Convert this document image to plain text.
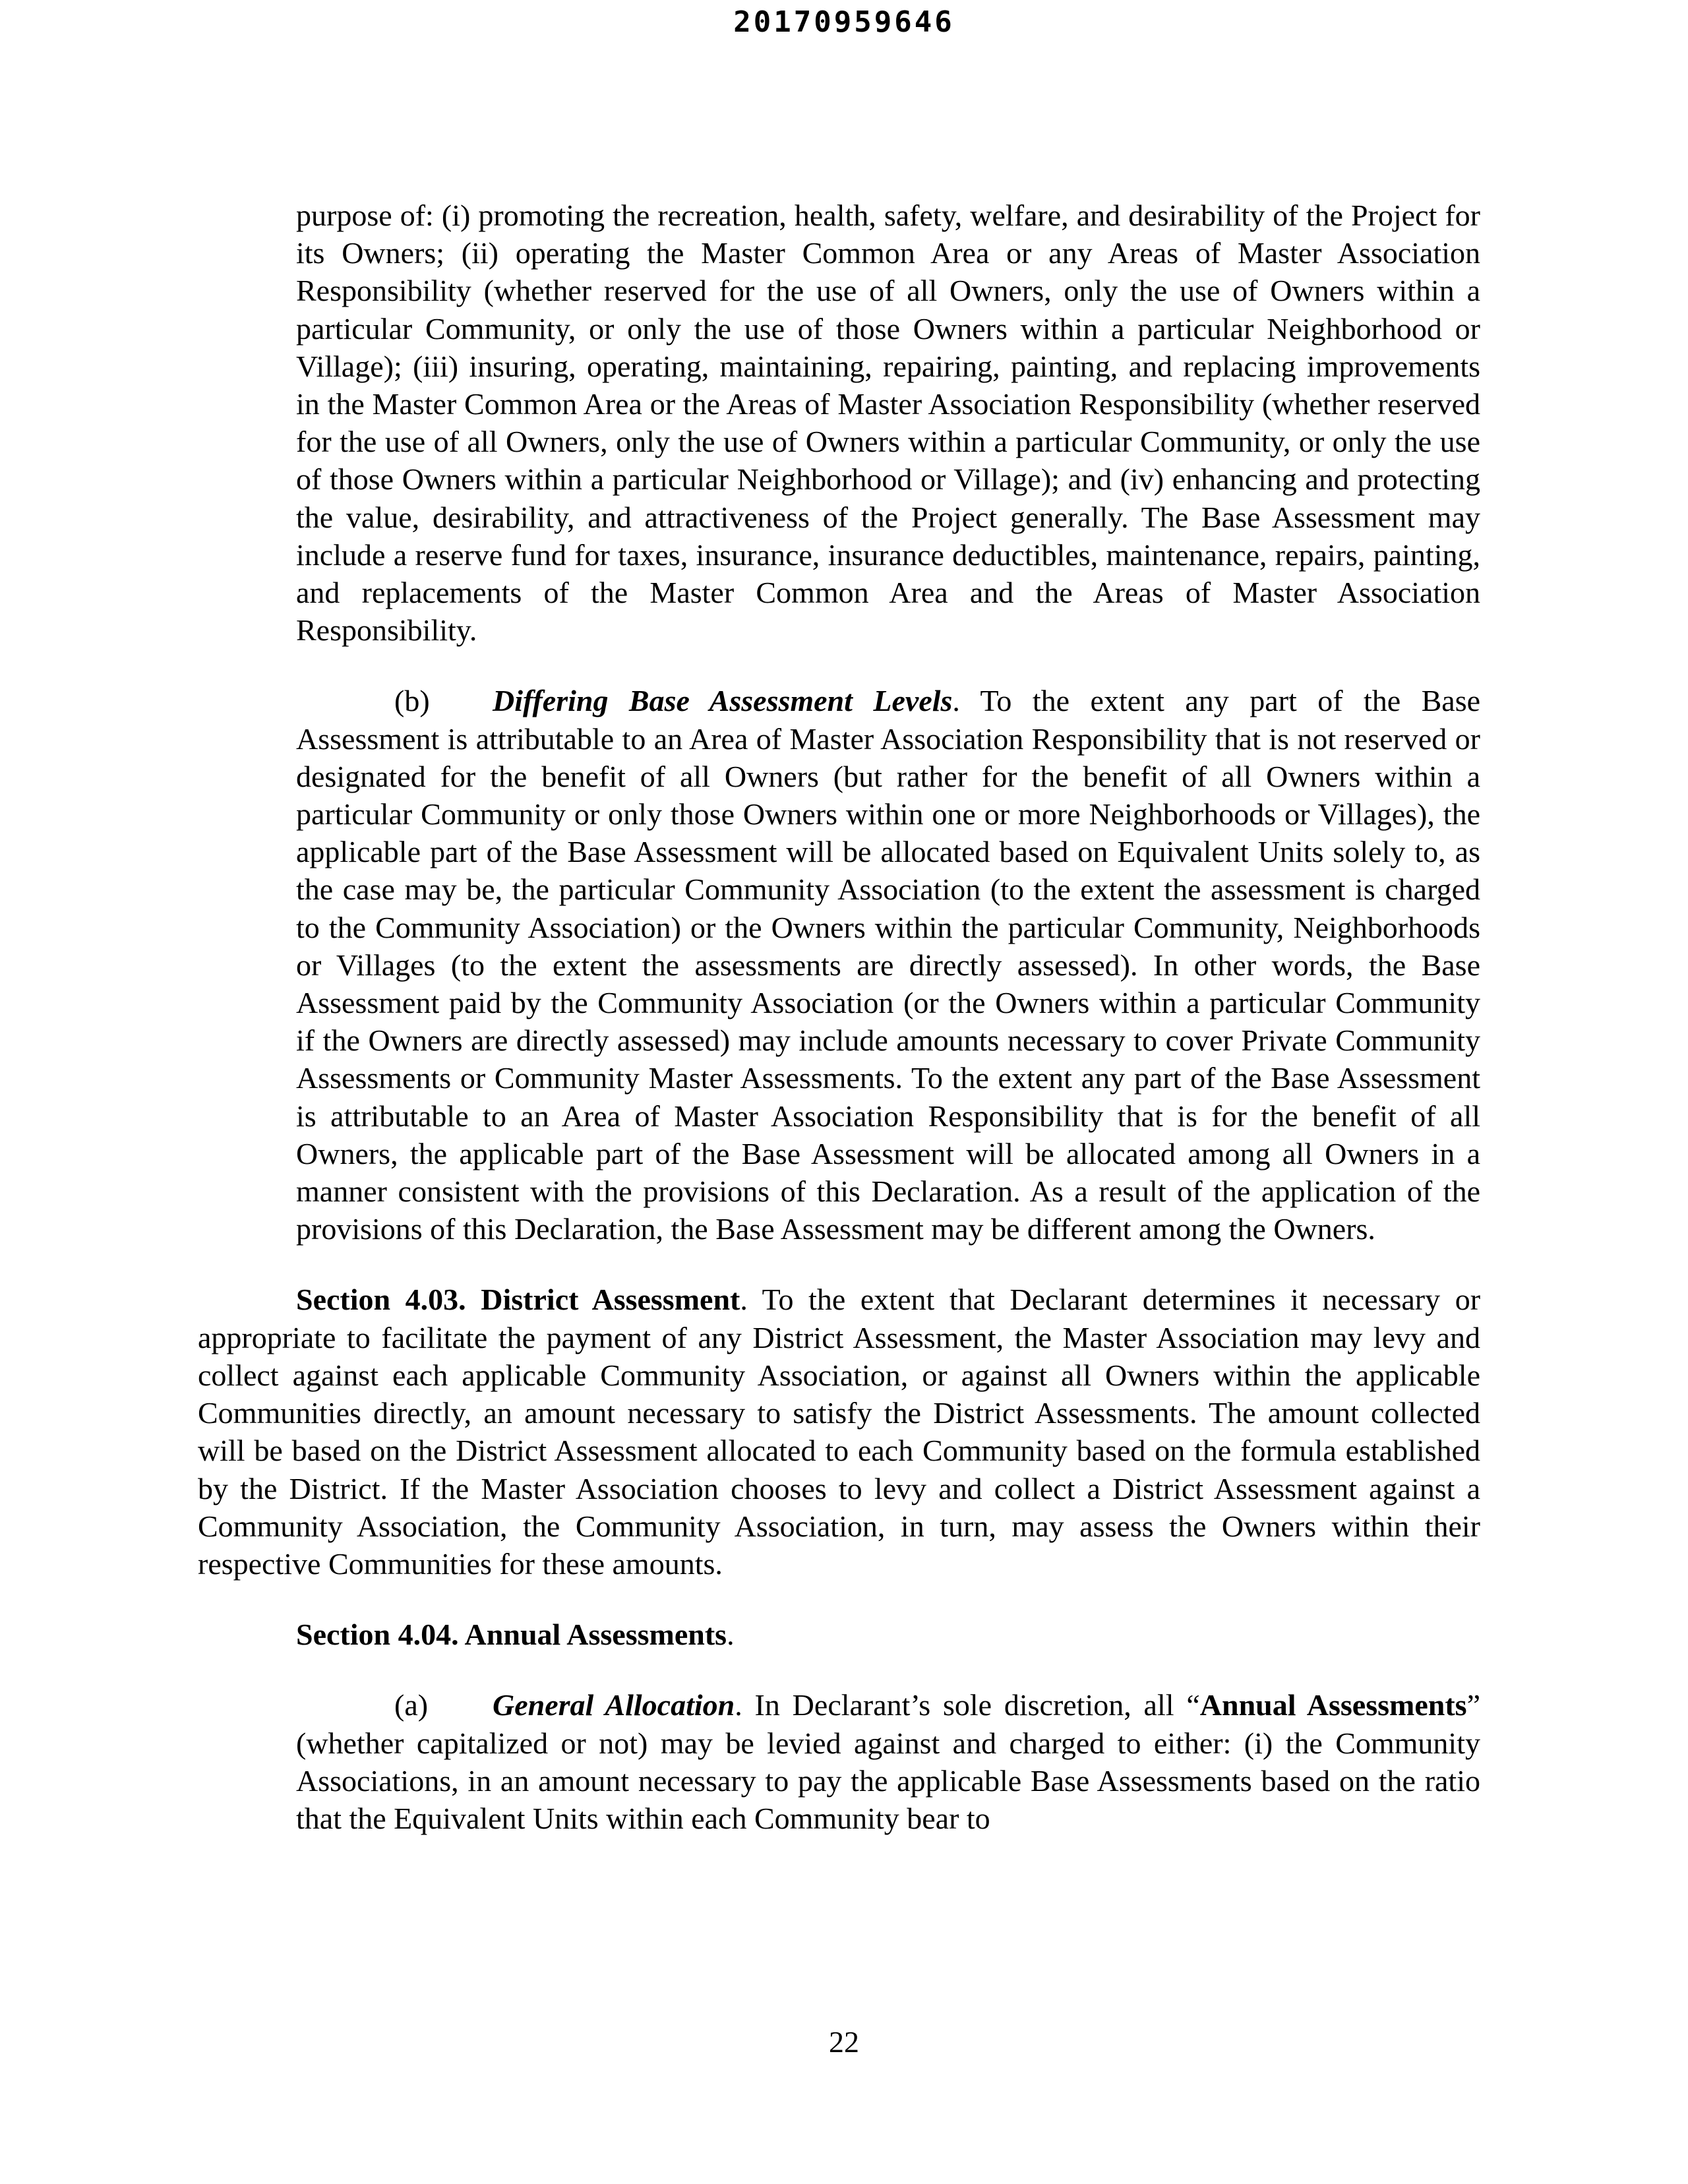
20170959646

purpose of: (i) promoting the recreation, health, safety, welfare, and desirability of the Project for its Owners; (ii) operating the Master Common Area or any Areas of Master Association Responsibility (whether reserved for the use of all Owners, only the use of Owners within a particular Community, or only the use of those Owners within a particular Neighborhood or Village); (iii) insuring, operating, maintaining, repairing, painting, and replacing improvements in the Master Common Area or the Areas of Master Association Responsibility (whether reserved for the use of all Owners, only the use of Owners within a particular Community, or only the use of those Owners within a particular Neighborhood or Village); and (iv) enhancing and protecting the value, desirability, and attractiveness of the Project generally. The Base Assessment may include a reserve fund for taxes, insurance, insurance deductibles, maintenance, repairs, painting, and replacements of the Master Common Area and the Areas of Master Association Responsibility.

(b) Differing Base Assessment Levels. To the extent any part of the Base Assessment is attributable to an Area of Master Association Responsibility that is not reserved or designated for the benefit of all Owners (but rather for the benefit of all Owners within a particular Community or only those Owners within one or more Neighborhoods or Villages), the applicable part of the Base Assessment will be allocated based on Equivalent Units solely to, as the case may be, the particular Community Association (to the extent the assessment is charged to the Community Association) or the Owners within the particular Community, Neighborhoods or Villages (to the extent the assessments are directly assessed). In other words, the Base Assessment paid by the Community Association (or the Owners within a particular Community if the Owners are directly assessed) may include amounts necessary to cover Private Community Assessments or Community Master Assessments. To the extent any part of the Base Assessment is attributable to an Area of Master Association Responsibility that is for the benefit of all Owners, the applicable part of the Base Assessment will be allocated among all Owners in a manner consistent with the provisions of this Declaration. As a result of the application of the provisions of this Declaration, the Base Assessment may be different among the Owners.

Section 4.03. District Assessment. To the extent that Declarant determines it necessary or appropriate to facilitate the payment of any District Assessment, the Master Association may levy and collect against each applicable Community Association, or against all Owners within the applicable Communities directly, an amount necessary to satisfy the District Assessments. The amount collected will be based on the District Assessment allocated to each Community based on the formula established by the District. If the Master Association chooses to levy and collect a District Assessment against a Community Association, the Community Association, in turn, may assess the Owners within their respective Communities for these amounts.

Section 4.04. Annual Assessments.

(a) General Allocation. In Declarant’s sole discretion, all “Annual Assessments” (whether capitalized or not) may be levied against and charged to either: (i) the Community Associations, in an amount necessary to pay the applicable Base Assessments based on the ratio that the Equivalent Units within each Community bear to

22
